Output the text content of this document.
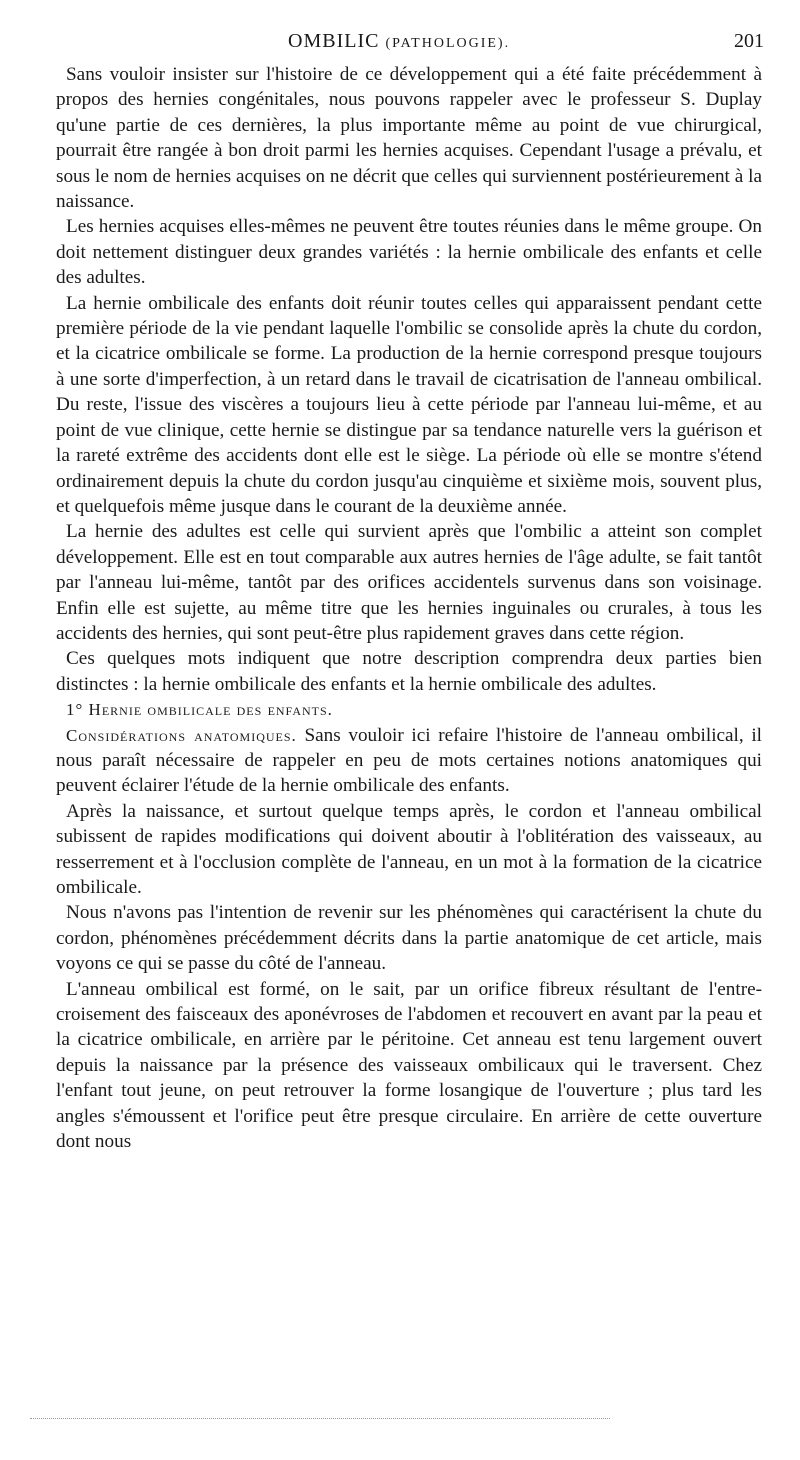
OMBILIC (PATHOLOGIE).	201

Sans vouloir insister sur l'histoire de ce développement qui a été faite précédemment à propos des hernies congénitales, nous pouvons rappeler avec le professeur S. Duplay qu'une partie de ces dernières, la plus importante même au point de vue chirurgical, pourrait être rangée à bon droit parmi les hernies acquises. Cependant l'usage a prévalu, et sous le nom de hernies acquises on ne décrit que celles qui surviennent postérieurement à la naissance.

Les hernies acquises elles-mêmes ne peuvent être toutes réunies dans le même groupe. On doit nettement distinguer deux grandes variétés : la hernie ombilicale des enfants et celle des adultes.

La hernie ombilicale des enfants doit réunir toutes celles qui apparaissent pendant cette première période de la vie pendant laquelle l'ombilic se consolide après la chute du cordon, et la cicatrice ombilicale se forme. La production de la hernie correspond presque toujours à une sorte d'imperfection, à un retard dans le travail de cicatrisation de l'anneau ombilical. Du reste, l'issue des viscères a toujours lieu à cette période par l'anneau lui-même, et au point de vue clinique, cette hernie se distingue par sa tendance naturelle vers la guérison et la rareté extrême des accidents dont elle est le siège. La période où elle se montre s'étend ordinairement depuis la chute du cordon jusqu'au cinquième et sixième mois, souvent plus, et quelquefois même jusque dans le courant de la deuxième année.

La hernie des adultes est celle qui survient après que l'ombilic a atteint son complet développement. Elle est en tout comparable aux autres hernies de l'âge adulte, se fait tantôt par l'anneau lui-même, tantôt par des orifices accidentels survenus dans son voisinage. Enfin elle est sujette, au même titre que les hernies inguinales ou crurales, à tous les accidents des hernies, qui sont peut-être plus rapidement graves dans cette région.

Ces quelques mots indiquent que notre description comprendra deux parties bien distinctes : la hernie ombilicale des enfants et la hernie ombilicale des adultes.

1° Hernie ombilicale des enfants.

Considérations anatomiques. Sans vouloir ici refaire l'histoire de l'anneau ombilical, il nous paraît nécessaire de rappeler en peu de mots certaines notions anatomiques qui peuvent éclairer l'étude de la hernie ombilicale des enfants.

Après la naissance, et surtout quelque temps après, le cordon et l'anneau ombilical subissent de rapides modifications qui doivent aboutir à l'oblitération des vaisseaux, au resserrement et à l'occlusion complète de l'anneau, en un mot à la formation de la cicatrice ombilicale.

Nous n'avons pas l'intention de revenir sur les phénomènes qui caractérisent la chute du cordon, phénomènes précédemment décrits dans la partie anatomique de cet article, mais voyons ce qui se passe du côté de l'anneau.

L'anneau ombilical est formé, on le sait, par un orifice fibreux résultant de l'entre-croisement des faisceaux des aponévroses de l'abdomen et recouvert en avant par la peau et la cicatrice ombilicale, en arrière par le péritoine. Cet anneau est tenu largement ouvert depuis la naissance par la présence des vaisseaux ombilicaux qui le traversent. Chez l'enfant tout jeune, on peut retrouver la forme losangique de l'ouverture ; plus tard les angles s'émoussent et l'orifice peut être presque circulaire. En arrière de cette ouverture dont nous
